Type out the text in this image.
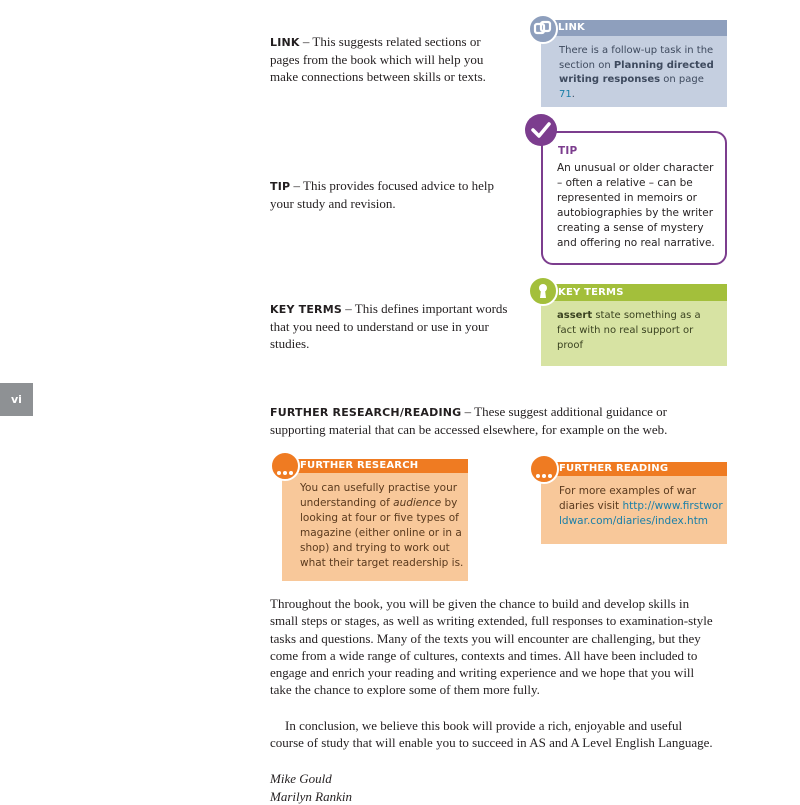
vi
LINK – This suggests related sections or pages from the book which will help you make connections between skills or texts.
LINK
There is a follow-up task in the section on Planning directed writing responses on page 71.
TIP – This provides focused advice to help your study and revision.
TIP
An unusual or older character – often a relative – can be represented in memoirs or autobiographies by the writer creating a sense of mystery and offering no real narrative.
KEY TERMS – This defines important words that you need to understand or use in your studies.
KEY TERMS
assert state something as a fact with no real support or proof
FURTHER RESEARCH/READING – These suggest additional guidance or supporting material that can be accessed elsewhere, for example on the web.
FURTHER RESEARCH
You can usefully practise your understanding of audience by looking at four or five types of magazine (either online or in a shop) and trying to work out what their target readership is.
FURTHER READING
For more examples of war diaries visit http://www.firstworldwar.com/diaries/index.htm
Throughout the book, you will be given the chance to build and develop skills in small steps or stages, as well as writing extended, full responses to examination-style tasks and questions. Many of the texts you will encounter are challenging, but they come from a wide range of cultures, contexts and times. All have been included to engage and enrich your reading and writing experience and we hope that you will take the chance to explore some of them more fully.
In conclusion, we believe this book will provide a rich, enjoyable and useful course of study that will enable you to succeed in AS and A Level English Language.
Mike Gould
Marilyn Rankin
